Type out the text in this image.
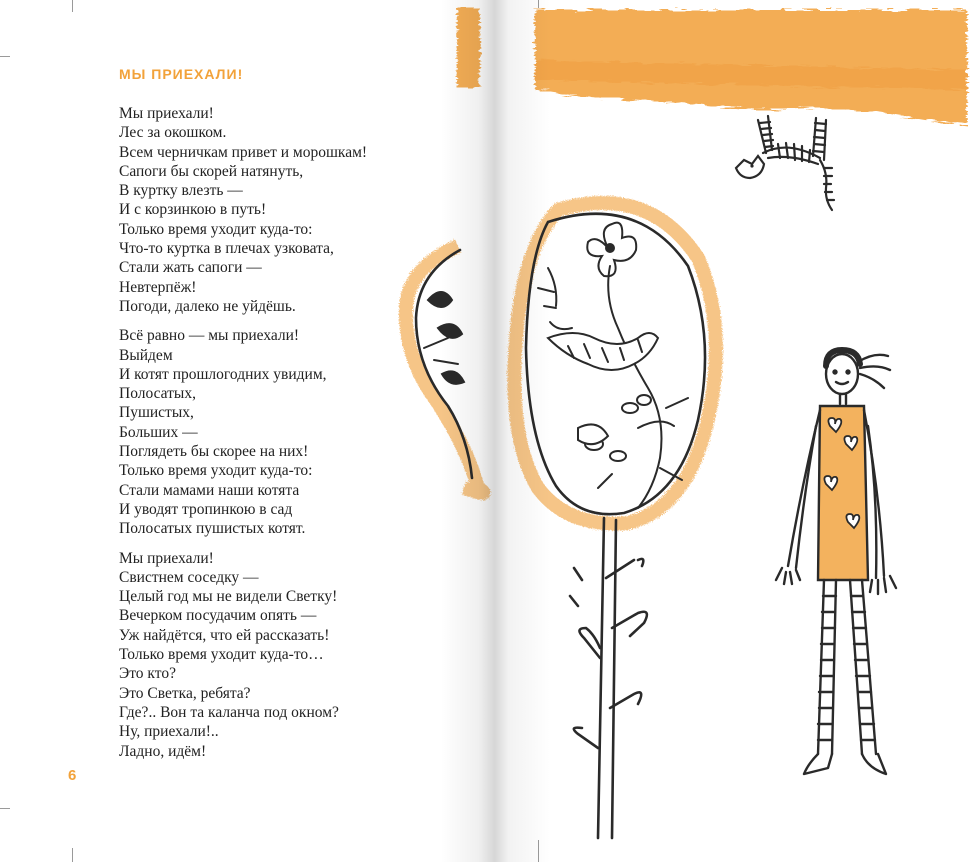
МЫ ПРИЕХАЛИ!
Мы приехали!
Лес за окошком.
Всем черничкам привет и морошкам!
Сапоги бы скорей натянуть,
В куртку влезть —
И с корзинкою в путь!
Только время уходит куда-то:
Что-то куртка в плечах узковата,
Стали жать сапоги —
Невтерпёж!
Погоди, далеко не уйдёшь.
Всё равно — мы приехали!
Выйдем
И котят прошлогодних увидим,
Полосатых,
Пушистых,
Больших —
Поглядеть бы скорее на них!
Только время уходит куда-то:
Стали мамами наши котята
И уводят тропинкою в сад
Полосатых пушистых котят.
Мы приехали!
Свистнем соседку —
Целый год мы не видели Светку!
Вечерком посудачим опять —
Уж найдётся, что ей рассказать!
Только время уходит куда-то…
Это кто?
Это Светка, ребята?
Где?.. Вон та каланча под окном?
Ну, приехали!..
Ладно, идём!
6
